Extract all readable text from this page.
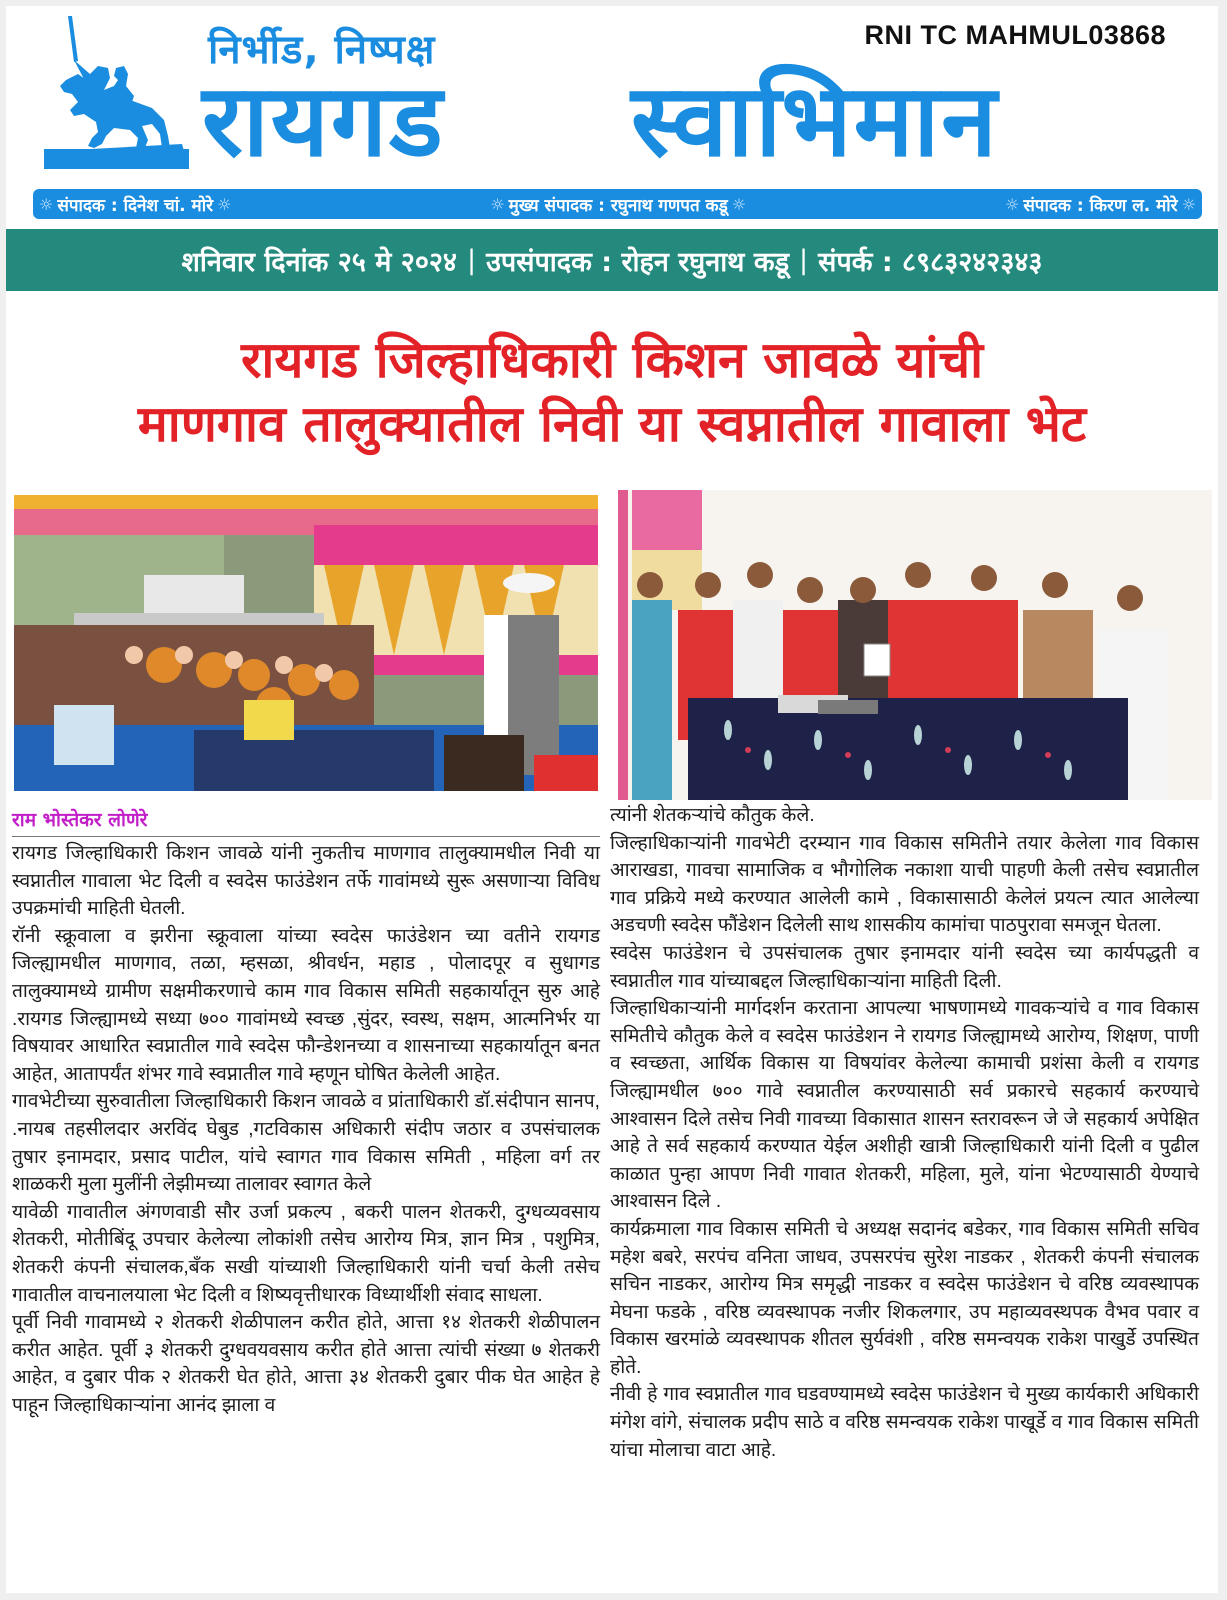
निर्भीड, निष्पक्ष	RNI TC MAHMUL03868
रायगड स्वाभिमान
☼ संपादक : दिनेश चां. मोरे ☼	☼ मुख्य संपादक : रघुनाथ गणपत कडू ☼	☼ संपादक : किरण ल. मोरे ☼
शनिवार दिनांक २५ मे २०२४ | उपसंपादक : रोहन रघुनाथ कडू | संपर्क : ८९८३२४२३४३
रायगड जिल्हाधिकारी किशन जावळे यांची
माणगाव तालुक्यातील निवी या स्वप्नातील गावाला भेट
राम भोस्तेकर लोणेरे

रायगड जिल्हाधिकारी किशन जावळे यांनी नुकतीच माणगाव तालुक्यामधील निवी या स्वप्नातील गावाला भेट दिली व स्वदेस फाउंडेशन तर्फे गावांमध्ये सुरू असणाऱ्या विविध उपक्रमांची माहिती घेतली.

रॉनी स्क्रूवाला व झरीना स्क्रूवाला यांच्या स्वदेस फाउंडेशन च्या वतीने रायगड जिल्ह्यामधील माणगाव, तळा, म्हसळा, श्रीवर्धन, महाड , पोलादपूर व सुधागड तालुक्यामध्ये ग्रामीण सक्षमीकरणाचे काम गाव विकास समिती सहकार्यातून सुरु आहे .रायगड जिल्ह्यामध्ये सध्या ७०० गावांमध्ये स्वच्छ ,सुंदर, स्वस्थ, सक्षम, आत्मनिर्भर या विषयावर आधारित स्वप्नातील गावे स्वदेस फौन्डेशनच्या व शासनाच्या सहकार्यातून बनत आहेत, आतापर्यंत शंभर गावे स्वप्नातील गावे म्हणून घोषित केलेली आहेत.

गावभेटीच्या सुरुवातीला जिल्हाधिकारी किशन जावळे व प्रांताधिकारी डॉ.संदीपान सानप, .नायब तहसीलदार अरविंद घेबुड ,गटविकास अधिकारी संदीप जठार व उपसंचालक तुषार इनामदार, प्रसाद पाटील, यांचे स्वागत गाव विकास समिती , महिला वर्ग तर शाळकरी मुला मुलींनी लेझीमच्या तालावर स्वागत केले

यावेळी गावातील अंगणवाडी सौर उर्जा प्रकल्प , बकरी पालन शेतकरी, दुग्धव्यवसाय शेतकरी, मोतीबिंदू उपचार केलेल्या लोकांशी तसेच आरोग्य मित्र, ज्ञान मित्र , पशुमित्र, शेतकरी कंपनी संचालक,बँक सखी यांच्याशी जिल्हाधिकारी यांनी चर्चा केली तसेच गावातील वाचनालयाला भेट दिली व शिष्यवृत्तीधारक विध्यार्थीशी संवाद साधला.

पूर्वी निवी गावामध्ये २ शेतकरी शेळीपालन करीत होते, आत्ता १४ शेतकरी शेळीपालन करीत आहेत. पूर्वी ३ शेतकरी दुग्धवयवसाय करीत होते आत्ता त्यांची संख्या ७ शेतकरी आहेत, व दुबार पीक २ शेतकरी घेत होते, आत्ता ३४ शेतकरी दुबार पीक घेत आहेत हे पाहून जिल्हाधिकाऱ्यांना आनंद झाला व

त्यांनी शेतकऱ्यांचे कौतुक केले.

जिल्हाधिकाऱ्यांनी गावभेटी दरम्यान गाव विकास समितीने तयार केलेला गाव विकास आराखडा, गावचा सामाजिक व भौगोलिक नकाशा याची पाहणी केली तसेच स्वप्नातील गाव प्रक्रिये मध्ये करण्यात आलेली कामे , विकासासाठी केलेलं प्रयत्न त्यात आलेल्या अडचणी स्वदेस फौंडेशन दिलेली साथ शासकीय कामांचा पाठपुरावा समजून घेतला.

स्वदेस फाउंडेशन चे उपसंचालक तुषार इनामदार यांनी स्वदेस च्या कार्यपद्धती व स्वप्नातील गाव यांच्याबद्दल जिल्हाधिकाऱ्यांना माहिती दिली.

जिल्हाधिकाऱ्यांनी मार्गदर्शन करताना आपल्या भाषणामध्ये गावकऱ्यांचे व गाव विकास समितीचे कौतुक केले व स्वदेस फाउंडेशन ने रायगड जिल्ह्यामध्ये आरोग्य, शिक्षण, पाणी व स्वच्छता, आर्थिक विकास या विषयांवर केलेल्या कामाची प्रशंसा केली व रायगड जिल्ह्यामधील ७०० गावे स्वप्नातील करण्यासाठी सर्व प्रकारचे सहकार्य करण्याचे आश्वासन दिले तसेच निवी गावच्या विकासात शासन स्तरावरून जे जे सहकार्य अपेक्षित आहे ते सर्व सहकार्य करण्यात येईल अशीही खात्री जिल्हाधिकारी यांनी दिली व पुढील काळात पुन्हा आपण निवी गावात शेतकरी, महिला, मुले, यांना भेटण्यासाठी येण्याचे आश्वासन दिले .

कार्यक्रमाला गाव विकास समिती चे अध्यक्ष सदानंद बडेकर, गाव विकास समिती सचिव महेश बबरे, सरपंच वनिता जाधव, उपसरपंच सुरेश नाडकर , शेतकरी कंपनी संचालक सचिन नाडकर, आरोग्य मित्र समृद्धी नाडकर व स्वदेस फाउंडेशन चे वरिष्ठ व्यवस्थापक मेघना फडके , वरिष्ठ व्यवस्थापक नजीर शिकलगार, उप महाव्यवस्थपक वैभव पवार व विकास खरमांळे व्यवस्थापक शीतल सुर्यवंशी , वरिष्ठ समन्वयक राकेश पाखुर्डे उपस्थित होते.

नीवी हे गाव स्वप्नातील गाव घडवण्यामध्ये स्वदेस फाउंडेशन चे मुख्य कार्यकारी अधिकारी मंगेश वांगे, संचालक प्रदीप साठे व वरिष्ठ समन्वयक राकेश पाखूर्डे व गाव विकास समिती यांचा मोलाचा वाटा आहे.
